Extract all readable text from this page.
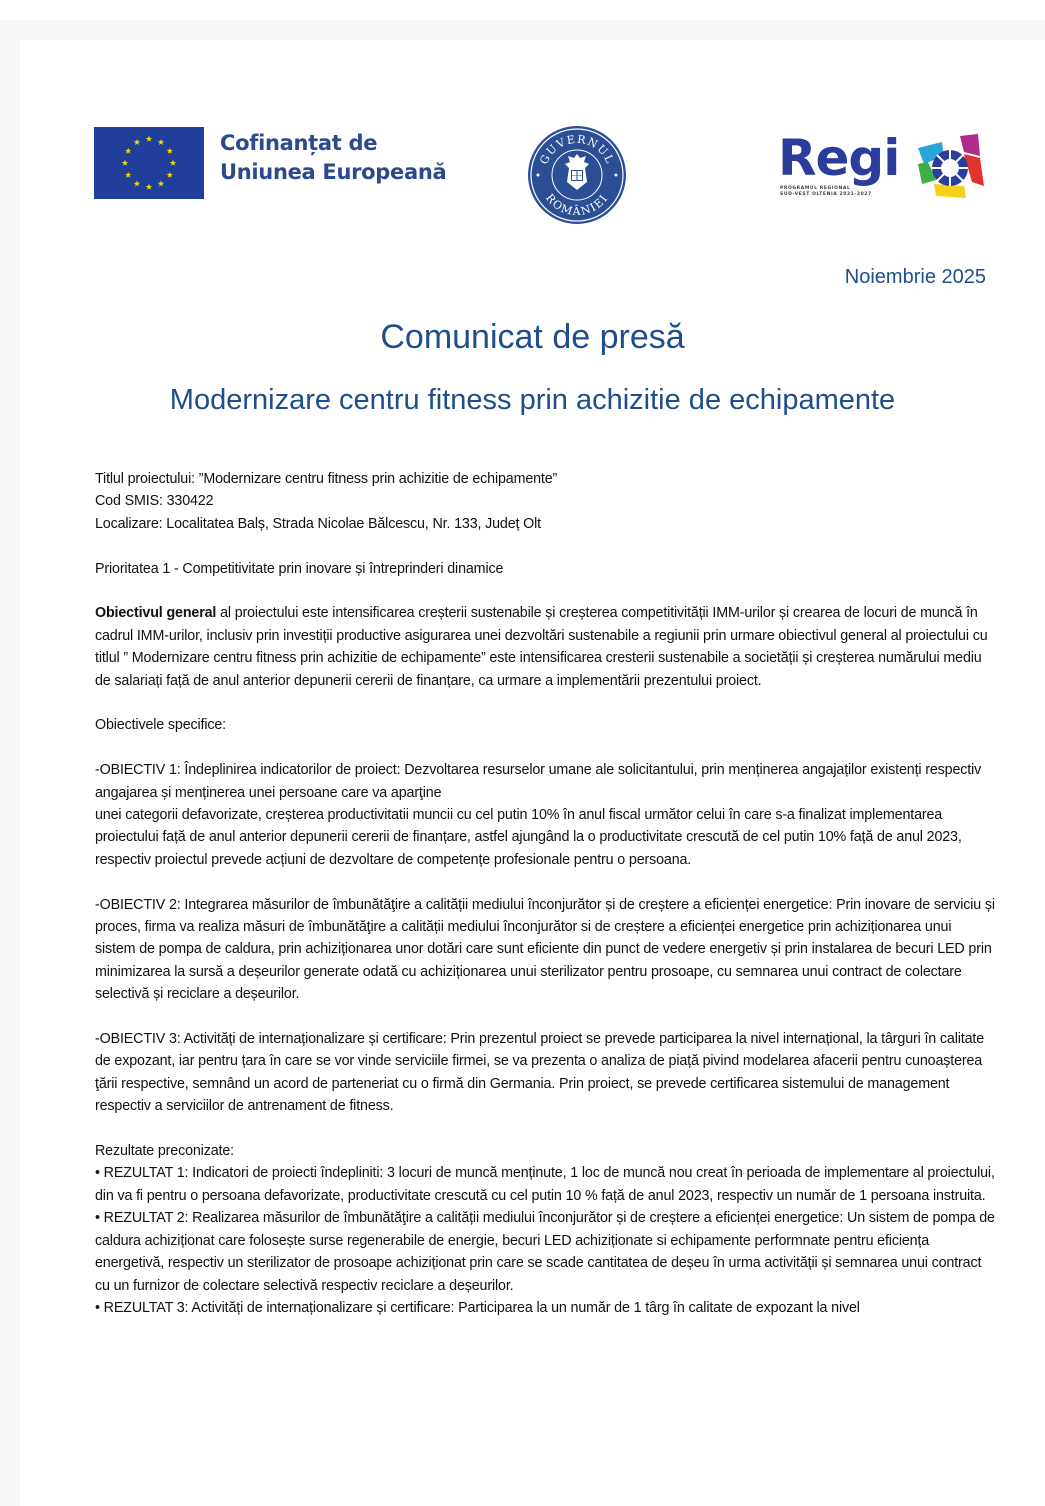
Cofinanțat de
Uniunea Europeană
GUVERNUL
ROMÂNIEI
Regi
PROGRAMUL REGIONAL
SUD-VEST OLTENIA 2021-2027
Noiembrie 2025
Comunicat de presă
Modernizare centru fitness prin achizitie de echipamente

Titlul proiectului: ”Modernizare centru fitness prin achizitie de echipamente”

Cod SMIS: 330422

Localizare: Localitatea Balș, Strada Nicolae Bălcescu, Nr. 133, Județ Olt

Prioritatea 1 - Competitivitate prin inovare și întreprinderi dinamice

Obiectivul general al proiectului este intensificarea creșterii sustenabile și creșterea competitivității IMM-urilor și crearea de locuri de muncă în cadrul IMM-urilor, inclusiv prin investiții productive asigurarea unei dezvoltări sustenabile a regiunii prin urmare obiectivul general al proiectului cu titlul ” Modernizare centru fitness prin achizitie de echipamente” este intensificarea cresterii sustenabile a societății și creșterea numărului mediu de salariați față de anul anterior depunerii cererii de finanțare, ca urmare a implementării prezentului proiect.

Obiectivele specifice:

-OBIECTIV 1: Îndeplinirea indicatorilor de proiect: Dezvoltarea resurselor umane ale solicitantului, prin menținerea angajaților existenți respectiv angajarea și menținerea unei persoane care va aparţine

unei categorii defavorizate, creșterea productivitatii muncii cu cel putin 10% în anul fiscal următor celui în care s-a finalizat implementarea proiectului față de anul anterior depunerii cererii de finanțare, astfel ajungând la o productivitate crescută de cel putin 10% față de anul 2023, respectiv proiectul prevede acțiuni de dezvoltare de competențe profesionale pentru o persoana.

-OBIECTIV 2: Integrarea măsurilor de îmbunătăţire a calității mediului înconjurător și de creștere a eficienței energetice: Prin inovare de serviciu și proces, firma va realiza măsuri de îmbunătăţire a calității mediului înconjurător si de creștere a eficienței energetice prin achiziționarea unui sistem de pompa de caldura, prin achiziționarea unor dotări care sunt eficiente din punct de vedere energetiv și prin instalarea de becuri LED prin minimizarea la sursă a deșeurilor generate odată cu achiziționarea unui sterilizator pentru prosoape, cu semnarea unui contract de colectare selectivă și reciclare a deșeurilor.

-OBIECTIV 3: Activități de internaționalizare și certificare: Prin prezentul proiect se prevede participarea la nivel internațional, la târguri în calitate de expozant, iar pentru țara în care se vor vinde serviciile firmei, se va prezenta o analiza de piață pivind modelarea afacerii pentru cunoașterea ţării respective, semnând un acord de parteneriat cu o firmă din Germania. Prin proiect, se prevede certificarea sistemului de management respectiv a serviciilor de antrenament de fitness.

Rezultate preconizate:

• REZULTAT 1: Indicatori de proiecti îndepliniti: 3 locuri de muncă menținute, 1 loc de muncă nou creat în perioada de implementare al proiectului, din va fi pentru o persoana defavorizate, productivitate crescută cu cel putin 10 % față de anul 2023, respectiv un număr de 1 persoana instruita.

• REZULTAT 2: Realizarea măsurilor de îmbunătăţire a calității mediului înconjurător și de creștere a eficienței energetice: Un sistem de pompa de caldura achiziționat care folosește surse regenerabile de energie, becuri LED achiziționate si echipamente performnate pentru eficiența energetivă, respectiv un sterilizator de prosoape achiziționat prin care se scade cantitatea de deșeu în urma activității și semnarea unui contract cu un furnizor de colectare selectivă respectiv reciclare a deșeurilor.

• REZULTAT 3: Activități de internaționalizare și certificare: Participarea la un număr de 1 târg în calitate de expozant la nivel
